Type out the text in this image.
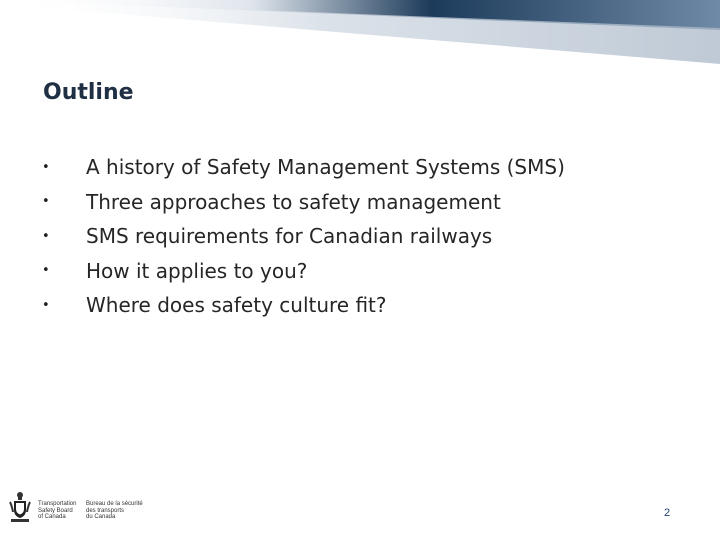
Outline
•	A history of Safety Management Systems (SMS)
•	Three approaches to safety management
•	SMS requirements for Canadian railways
•	How it applies to you?
•	Where does safety culture fit?
Transportation
Safety Board
of Canada
Bureau de la sécurité
des transports
du Canada	2
